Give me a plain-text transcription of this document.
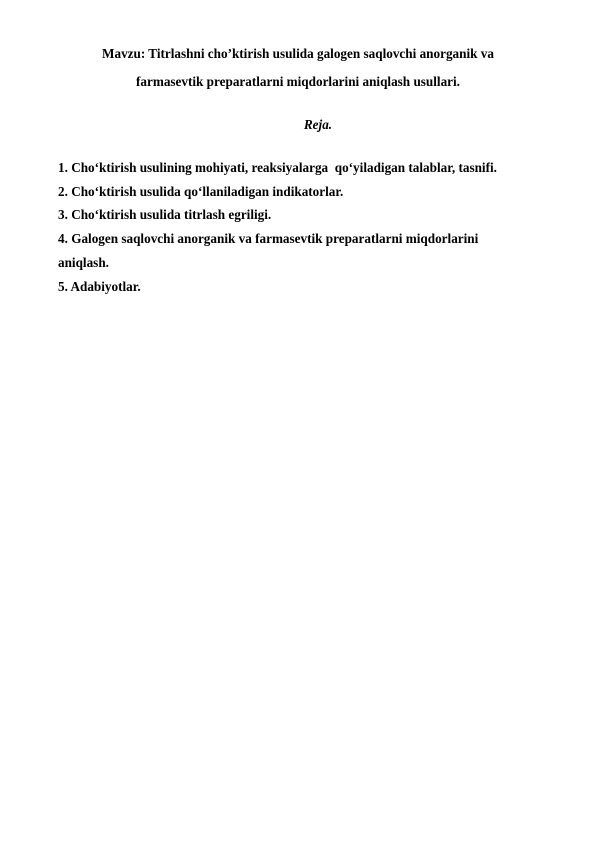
Mavzu: Titrlashni cho’ktirish usulida galogen saqlovchi anorganik va
farmasevtik preparatlarni miqdorlarini aniqlash usullari.
Reja.
1. Cho‘ktirish usulining mohiyati, reaksiyalarga  qo‘yiladigan talablar, tasnifi.
2. Cho‘ktirish usulida qo‘llaniladigan indikatorlar.
3. Cho‘ktirish usulida titrlash egriligi.
4. Galogen saqlovchi anorganik va farmasevtik preparatlarni miqdorlarini
aniqlash.
5. Adabiyotlar.
